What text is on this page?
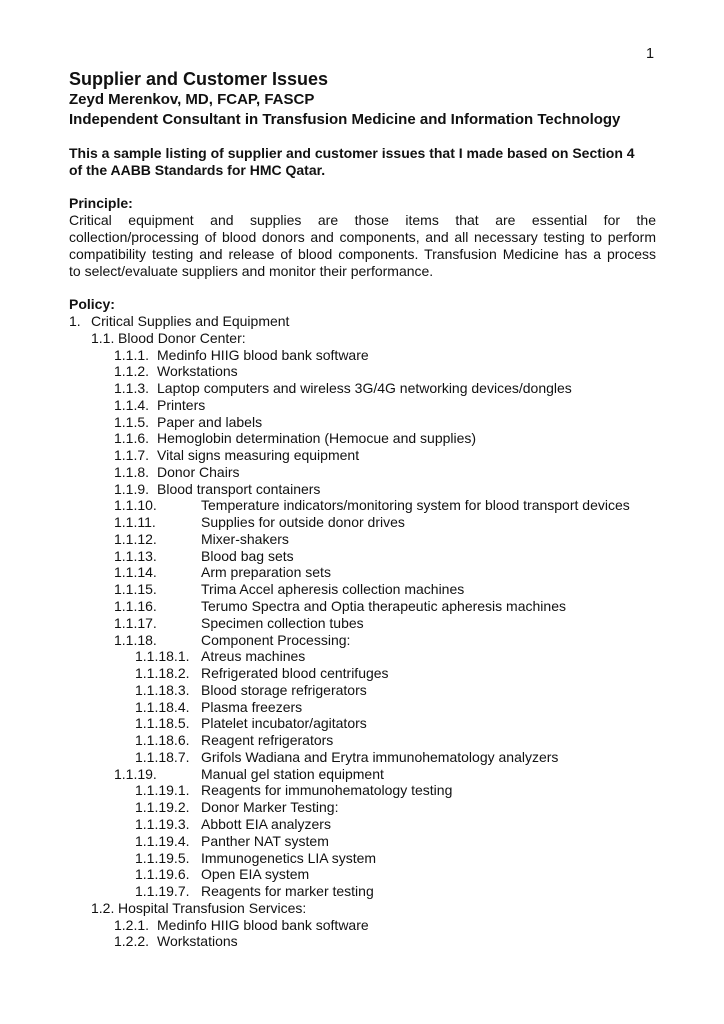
1
Supplier and Customer Issues
Zeyd Merenkov, MD, FCAP, FASCP
Independent Consultant in Transfusion Medicine and Information Technology
This a sample listing of supplier and customer issues that I made based on Section 4
of the AABB Standards for HMC Qatar.
Principle:
Critical equipment and supplies are those items that are essential for the
collection/processing of blood donors and components, and all necessary testing to perform
compatibility testing and release of blood components. Transfusion Medicine has a process
to select/evaluate suppliers and monitor their performance.
Policy:
1. Critical Supplies and Equipment
1.1. Blood Donor Center:
1.1.1. Medinfo HIIG blood bank software
1.1.2. Workstations
1.1.3. Laptop computers and wireless 3G/4G networking devices/dongles
1.1.4. Printers
1.1.5. Paper and labels
1.1.6. Hemoglobin determination (Hemocue and supplies)
1.1.7. Vital signs measuring equipment
1.1.8. Donor Chairs
1.1.9. Blood transport containers
1.1.10.	Temperature indicators/monitoring system for blood transport devices
1.1.11.	Supplies for outside donor drives
1.1.12.	Mixer-shakers
1.1.13.	Blood bag sets
1.1.14.	Arm preparation sets
1.1.15.	Trima Accel apheresis collection machines
1.1.16.	Terumo Spectra and Optia therapeutic apheresis machines
1.1.17.	Specimen collection tubes
1.1.18.	Component Processing:
1.1.18.1. Atreus machines
1.1.18.2. Refrigerated blood centrifuges
1.1.18.3. Blood storage refrigerators
1.1.18.4. Plasma freezers
1.1.18.5. Platelet incubator/agitators
1.1.18.6. Reagent refrigerators
1.1.18.7. Grifols Wadiana and Erytra immunohematology analyzers
1.1.19.	Manual gel station equipment
1.1.19.1. Reagents for immunohematology testing
1.1.19.2. Donor Marker Testing:
1.1.19.3. Abbott EIA analyzers
1.1.19.4. Panther NAT system
1.1.19.5. Immunogenetics LIA system
1.1.19.6. Open EIA system
1.1.19.7. Reagents for marker testing
1.2. Hospital Transfusion Services:
1.2.1. Medinfo HIIG blood bank software
1.2.2. Workstations
